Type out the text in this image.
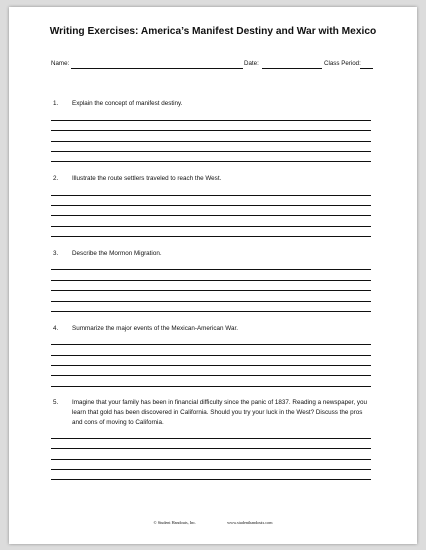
Writing Exercises: America’s Manifest Destiny and War with Mexico
Name:	Date:	Class Period:
1. Explain the concept of manifest destiny.
2. Illustrate the route settlers traveled to reach the West.
3. Describe the Mormon Migration.
4. Summarize the major events of the Mexican-American War.
5. Imagine that your family has been in financial difficulty since the panic of 1837. Reading a newspaper, you learn that gold has been discovered in California. Should you try your luck in the West? Discuss the pros and cons of moving to California.
© Student Handouts, Inc.	www.studenthandouts.com
